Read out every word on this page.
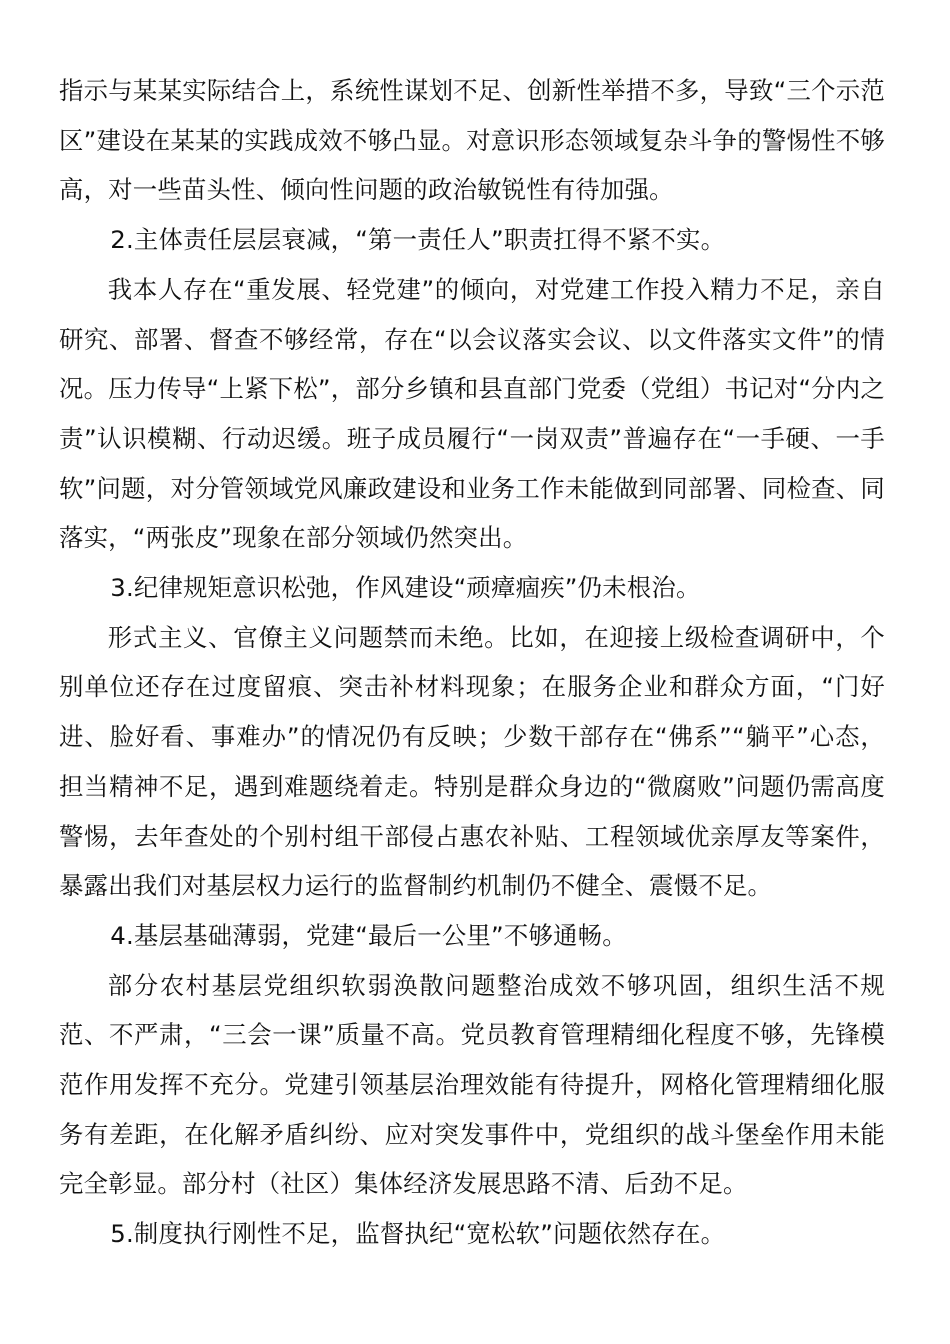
指示与某某实际结合上，系统性谋划不足、创新性举措不多，导致“三个示范区”建设在某某的实践成效不够凸显。对意识形态领域复杂斗争的警惕性不够高，对一些苗头性、倾向性问题的政治敏锐性有待加强。

2.主体责任层层衰减，“第一责任人”职责扛得不紧不实。

我本人存在“重发展、轻党建”的倾向，对党建工作投入精力不足，亲自研究、部署、督查不够经常，存在“以会议落实会议、以文件落实文件”的情况。压力传导“上紧下松”，部分乡镇和县直部门党委（党组）书记对“分内之责”认识模糊、行动迟缓。班子成员履行“一岗双责”普遍存在“一手硬、一手软”问题，对分管领域党风廉政建设和业务工作未能做到同部署、同检查、同落实，“两张皮”现象在部分领域仍然突出。

3.纪律规矩意识松弛，作风建设“顽瘴痼疾”仍未根治。

形式主义、官僚主义问题禁而未绝。比如，在迎接上级检查调研中，个别单位还存在过度留痕、突击补材料现象；在服务企业和群众方面，“门好进、脸好看、事难办”的情况仍有反映；少数干部存在“佛系”“躺平”心态，担当精神不足，遇到难题绕着走。特别是群众身边的“微腐败”问题仍需高度警惕，去年查处的个别村组干部侵占惠农补贴、工程领域优亲厚友等案件，暴露出我们对基层权力运行的监督制约机制仍不健全、震慑不足。

4.基层基础薄弱，党建“最后一公里”不够通畅。

部分农村基层党组织软弱涣散问题整治成效不够巩固，组织生活不规范、不严肃，“三会一课”质量不高。党员教育管理精细化程度不够，先锋模范作用发挥不充分。党建引领基层治理效能有待提升，网格化管理精细化服务有差距，在化解矛盾纠纷、应对突发事件中，党组织的战斗堡垒作用未能完全彰显。部分村（社区）集体经济发展思路不清、后劲不足。

5.制度执行刚性不足，监督执纪“宽松软”问题依然存在。
